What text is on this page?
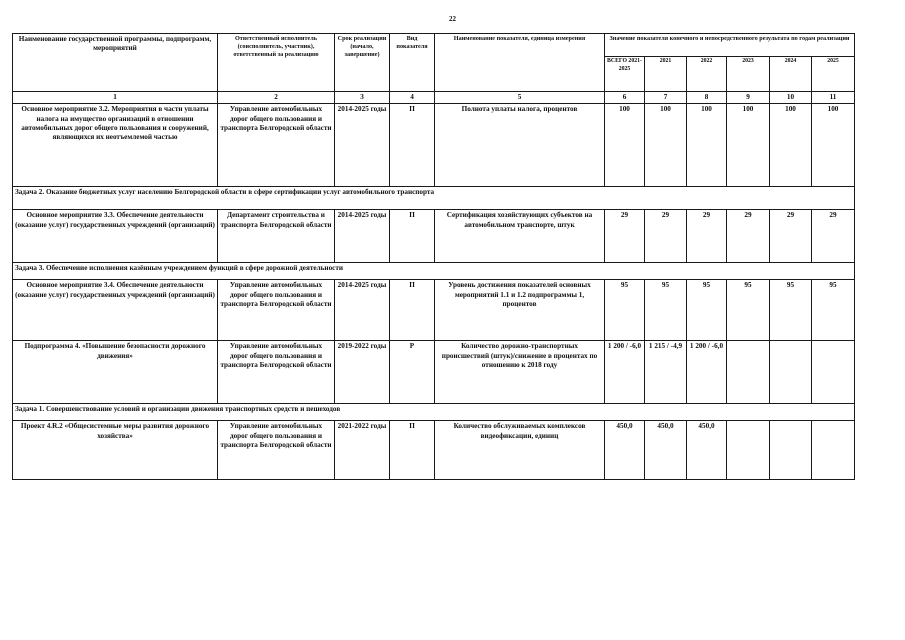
22
Наименование государственной программы, подпрограмм, мероприятий	Ответственный исполнитель (соисполнитель, участник), ответственный за реализацию	Срок реализации (начало, завершение)	Вид показателя	Наименование показателя, единица измерения	Значение показателя конечного и непосредственного результата по годам реализации					
					ВСЕГО 2021-2025	2021	2022	2023	2024	2025
1	2	3	4	5	6	7	8	9	10	11
Основное мероприятие 3.2. Мероприятия в части уплаты налога на имущество организаций в отношении автомобильных дорог общего пользования и сооружений, являющихся их неотъемлемой частью	Управление автомобильных дорог общего пользования и транспорта Белгородской области	2014-2025 годы	П	Полнота уплаты налога, процентов	100	100	100	100	100	100
Задача 2. Оказание бюджетных услуг населению Белгородской области в сфере сертификации услуг автомобильного транспорта										
Основное мероприятие 3.3. Обеспечение деятельности (оказание услуг) государственных учреждений (организаций)	Департамент строительства и транспорта Белгородской области	2014-2025 годы	П	Сертификация хозяйствующих субъектов на автомобильном транспорте, штук	29	29	29	29	29	29
Задача 3. Обеспечение исполнения казённым учреждением функций в сфере дорожной деятельности										
Основное мероприятие 3.4. Обеспечение деятельности (оказание услуг) государственных учреждений (организаций)	Управление автомобильных дорог общего пользования и транспорта Белгородской области	2014-2025 годы	П	Уровень достижения показателей основных мероприятий 1.1 и 1.2 подпрограммы 1, процентов	95	95	95	95	95	95
Подпрограмма 4. «Повышение безопасности дорожного движения»	Управление автомобильных дорог общего пользования и транспорта Белгородской области	2019-2022 годы	Р	Количество дорожно-транспортных происшествий (штук)/снижение в процентах по отношению к 2018 году	1 200 / -6,0	1 215 / -4,9	1 200 / -6,0			
Задача 1. Совершенствование условий и организации движения транспортных средств и пешеходов										
Проект 4.R.2 «Общесистемные меры развития дорожного хозяйства»	Управление автомобильных дорог общего пользования и транспорта Белгородской области	2021-2022 годы	П	Количество обслуживаемых комплексов видеофиксации, единиц	450,0	450,0	450,0			
